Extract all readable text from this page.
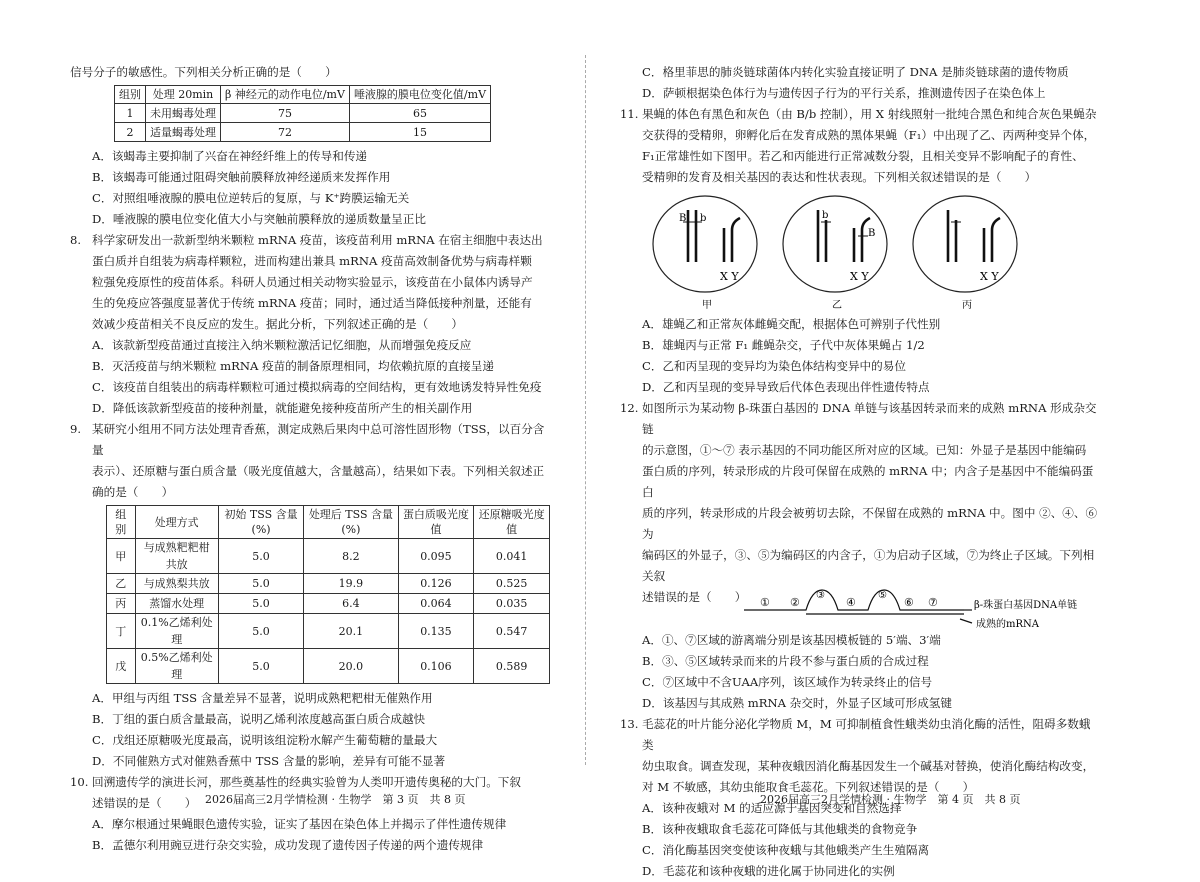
信号分子的敏感性。下列相关分析正确的是（　　）

组别	处理 20min	β 神经元的动作电位/mV	唾液腺的膜电位变化值/mV
1	未用蝎毒处理	75	65
2	适量蝎毒处理	72	15

A．该蝎毒主要抑制了兴奋在神经纤维上的传导和传递

B．该蝎毒可能通过阻碍突触前膜释放神经递质来发挥作用

C．对照组唾液腺的膜电位逆转后的复原，与 K⁺跨膜运输无关

D．唾液腺的膜电位变化值大小与突触前膜释放的递质数量呈正比

8. 科学家研发出一款新型纳米颗粒 mRNA 疫苗，该疫苗利用 mRNA 在宿主细胞中表达出

蛋白质并自组装为病毒样颗粒，进而构建出兼具 mRNA 疫苗高效制备优势与病毒样颗

粒强免疫原性的疫苗体系。科研人员通过相关动物实验显示，该疫苗在小鼠体内诱导产

生的免疫应答强度显著优于传统 mRNA 疫苗；同时，通过适当降低接种剂量，还能有

效减少疫苗相关不良反应的发生。据此分析，下列叙述正确的是（　　）

A．该款新型疫苗通过直接注入纳米颗粒激活记忆细胞，从而增强免疫反应

B．灭活疫苗与纳米颗粒 mRNA 疫苗的制备原理相同，均依赖抗原的直接呈递

C．该疫苗自组装出的病毒样颗粒可通过模拟病毒的空间结构，更有效地诱发特异性免疫

D．降低该款新型疫苗的接种剂量，就能避免接种疫苗所产生的相关副作用

9. 某研究小组用不同方法处理青香蕉，测定成熟后果肉中总可溶性固形物（TSS，以百分含量

表示）、还原糖与蛋白质含量（吸光度值越大，含量越高），结果如下表。下列相关叙述正

确的是（　　）

组别	处理方式	初始 TSS 含量(%)	处理后 TSS 含量(%)	蛋白质吸光度值	还原糖吸光度值
甲	与成熟粑粑柑共放	5.0	8.2	0.095	0.041
乙	与成熟梨共放	5.0	19.9	0.126	0.525
丙	蒸馏水处理	5.0	6.4	0.064	0.035
丁	0.1%乙烯利处理	5.0	20.1	0.135	0.547
戊	0.5%乙烯利处理	5.0	20.0	0.106	0.589

A．甲组与丙组 TSS 含量差异不显著，说明成熟粑粑柑无催熟作用

B．丁组的蛋白质含量最高，说明乙烯利浓度越高蛋白质合成越快

C．戊组还原糖吸光度最高，说明该组淀粉水解产生葡萄糖的量最大

D．不同催熟方式对催熟香蕉中 TSS 含量的影响，差异有可能不显著

10. 回溯遗传学的演进长河，那些奠基性的经典实验曾为人类叩开遗传奥秘的大门。下叙

述错误的是（　　）

A．摩尔根通过果蝇眼色遗传实验，证实了基因在染色体上并揭示了伴性遗传规律

B．孟德尔利用豌豆进行杂交实验，成功发现了遗传因子传递的两个遗传规律

C．格里菲思的肺炎链球菌体内转化实验直接证明了 DNA 是肺炎链球菌的遗传物质

D．萨顿根据染色体行为与遗传因子行为的平行关系，推测遗传因子在染色体上

11. 果蝇的体色有黑色和灰色（由 B/b 控制），用 X 射线照射一批纯合黑色和纯合灰色果蝇杂

交获得的受精卵，卵孵化后在发育成熟的黑体果蝇（F₁）中出现了乙、丙两种变异个体，

F₁正常雄性如下图甲。若乙和丙能进行正常减数分裂，且相关变异不影响配子的育性、

受精卵的发育及相关基因的表达和性状表现。下列相关叙述错误的是（　　）

B b
X Y
甲
b
B
X Y
乙
X Y
丙

A．雄蝇乙和正常灰体雌蝇交配，根据体色可辨别子代性别

B．雄蝇丙与正常 F₁ 雌蝇杂交，子代中灰体果蝇占 1/2

C．乙和丙呈现的变异均为染色体结构变异中的易位

D．乙和丙呈现的变异导致后代体色表现出伴性遗传特点

12. 如图所示为某动物 β-珠蛋白基因的 DNA 单链与该基因转录而来的成熟 mRNA 形成杂交链

的示意图，①～⑦ 表示基因的不同功能区所对应的区域。已知：外显子是基因中能编码

蛋白质的序列，转录形成的片段可保留在成熟的 mRNA 中；内含子是基因中不能编码蛋白

质的序列，转录形成的片段会被剪切去除，不保留在成熟的 mRNA 中。图中 ②、④、⑥为

编码区的外显子，③、⑤为编码区的内含子，①为启动子区域，⑦为终止子区域。下列相关叙

述错误的是（　　）	① ②
③
④
⑤
⑥ ⑦	β-珠蛋白基因DNA单链
成熟的mRNA

A．①、⑦区域的游离端分别是该基因模板链的 5′端、3′端

B．③、⑤区域转录而来的片段不参与蛋白质的合成过程

C．⑦区域中不含UAA序列，该区域作为转录终止的信号

D．该基因与其成熟 mRNA 杂交时，外显子区域可形成氢键

13. 毛蕊花的叶片能分泌化学物质 M，M 可抑制植食性蛾类幼虫消化酶的活性，阻碍多数蛾类

幼虫取食。调查发现，某种夜蛾因消化酶基因发生一个碱基对替换，使消化酶结构改变，

对 M 不敏感，其幼虫能取食毛蕊花。下列叙述错误的是（　　）

A．该种夜蛾对 M 的适应源于基因突变和自然选择

B．该种夜蛾取食毛蕊花可降低与其他蛾类的食物竞争

C．消化酶基因突变使该种夜蛾与其他蛾类产生生殖隔离

D．毛蕊花和该种夜蛾的进化属于协同进化的实例

2026届高三2月学情检测 · 生物学　第 3 页　共 8 页	2026届高三2月学情检测 · 生物学　第 4 页　共 8 页
